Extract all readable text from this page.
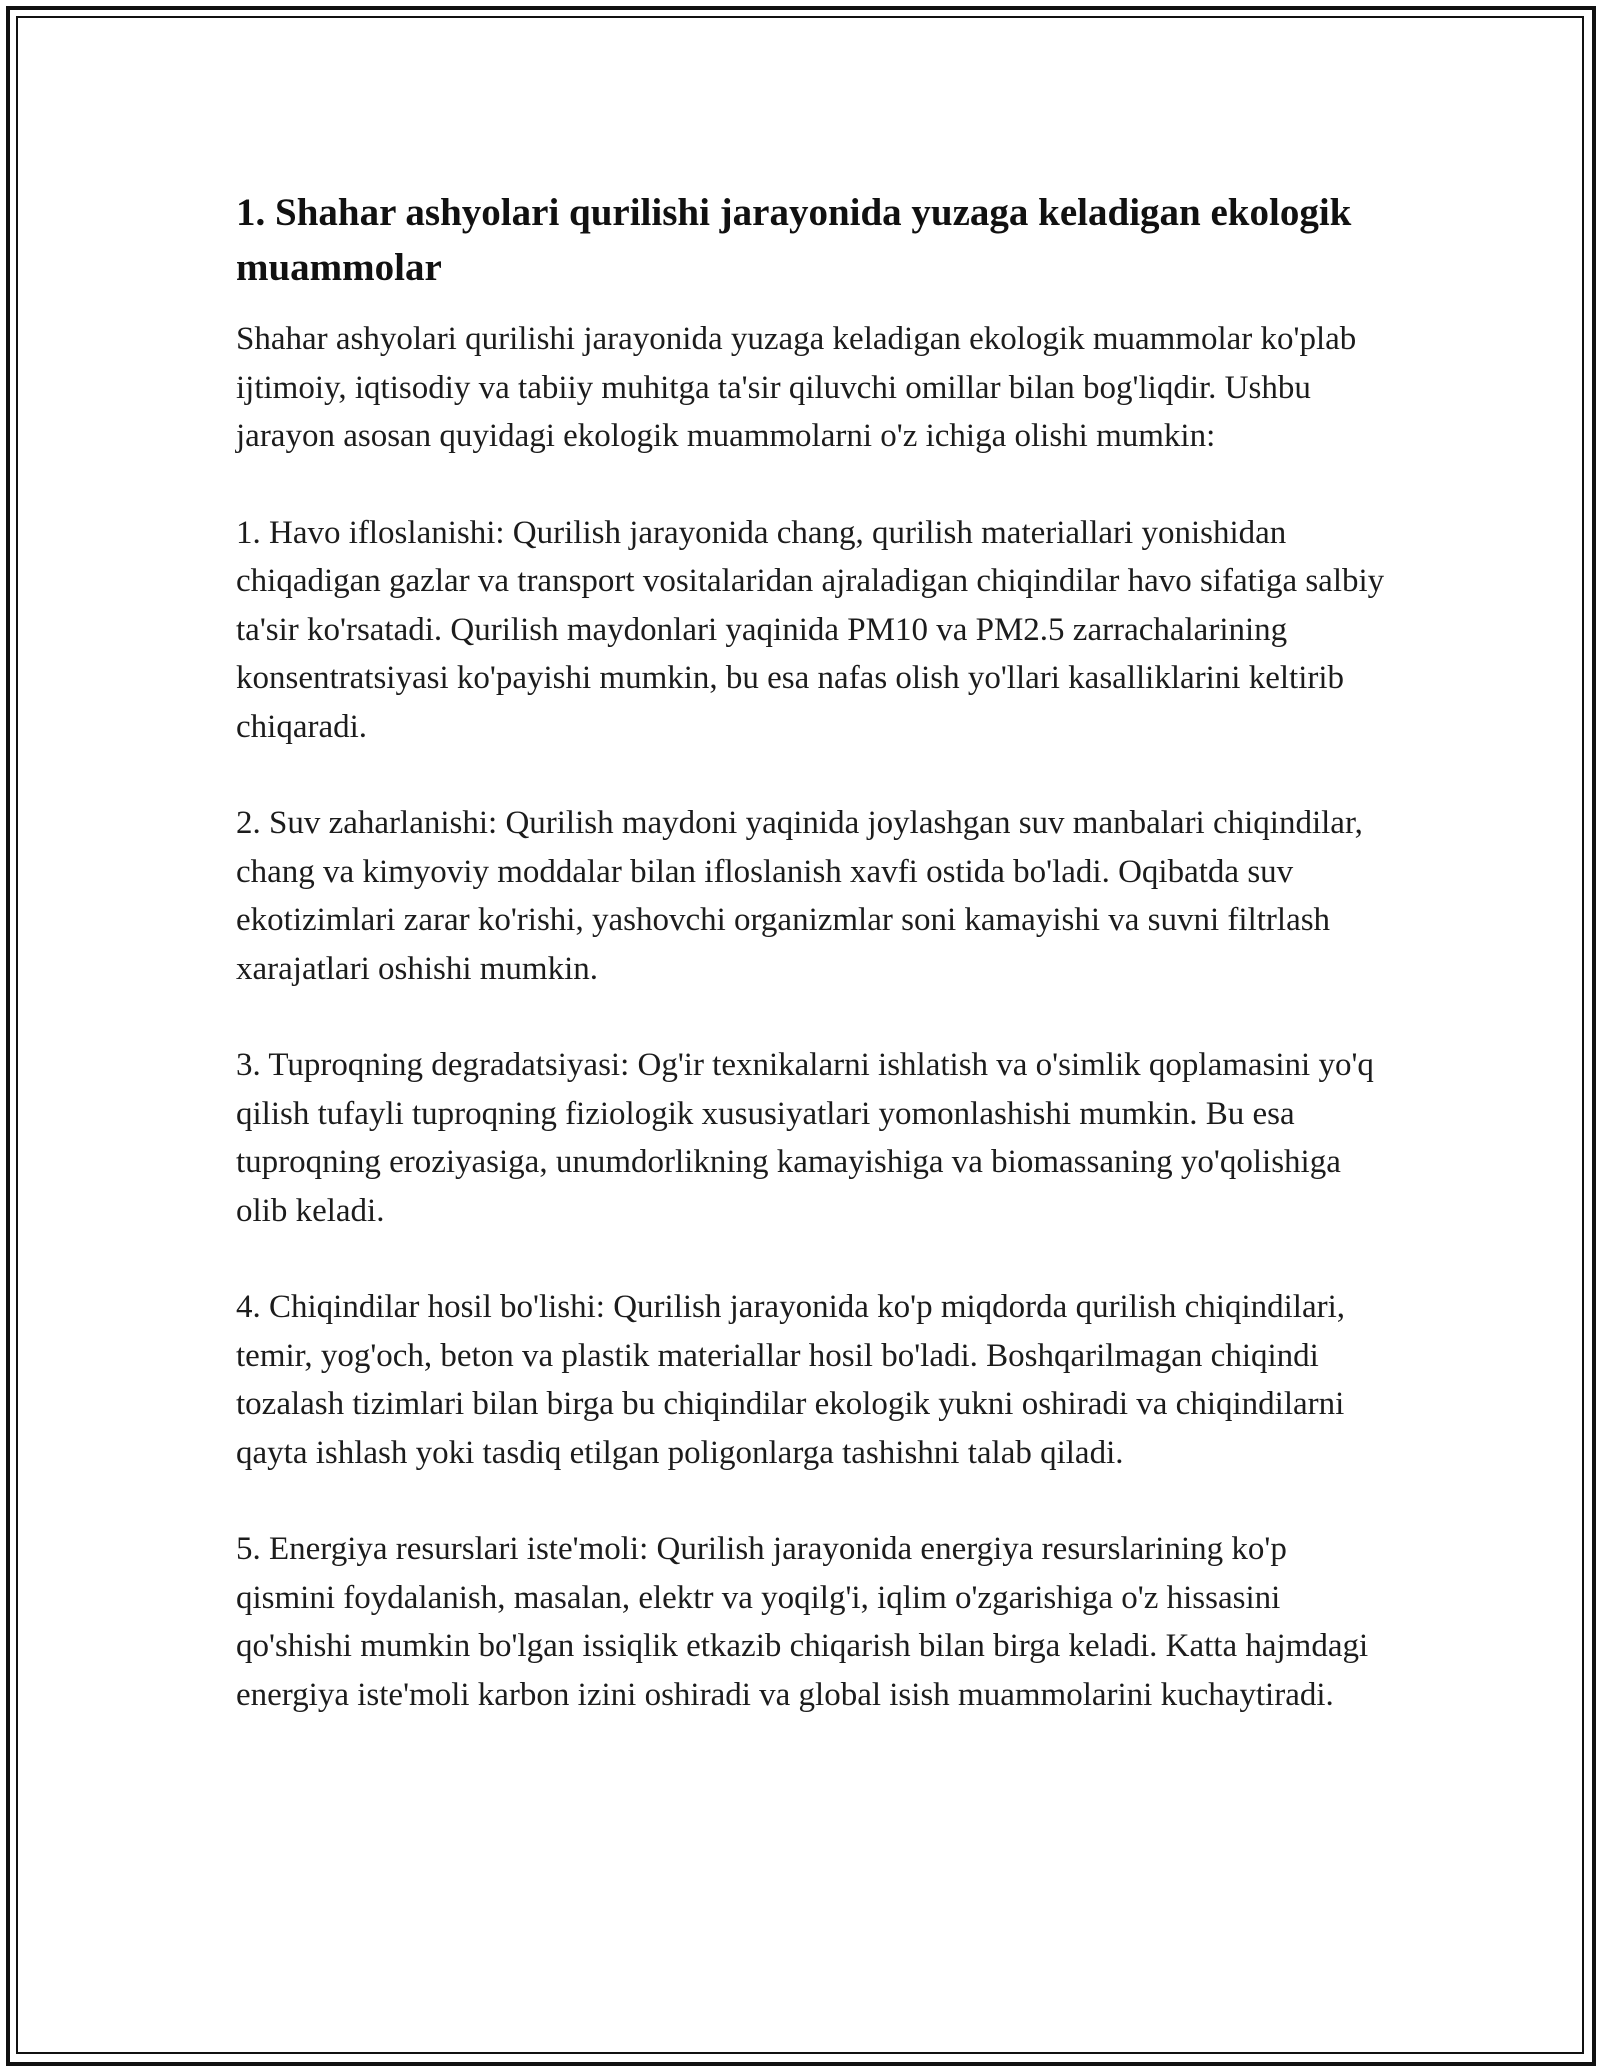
1. Shahar ashyolari qurilishi jarayonida yuzaga keladigan ekologik muammolar

Shahar ashyolari qurilishi jarayonida yuzaga keladigan ekologik muammolar ko'plab ijtimoiy, iqtisodiy va tabiiy muhitga ta'sir qiluvchi omillar bilan bog'liqdir. Ushbu jarayon asosan quyidagi ekologik muammolarni o'z ichiga olishi mumkin:

1. Havo ifloslanishi: Qurilish jarayonida chang, qurilish materiallari yonishidan chiqadigan gazlar va transport vositalaridan ajraladigan chiqindilar havo sifatiga salbiy ta'sir ko'rsatadi. Qurilish maydonlari yaqinida PM10 va PM2.5 zarrachalarining konsentratsiyasi ko'payishi mumkin, bu esa nafas olish yo'llari kasalliklarini keltirib chiqaradi.

2. Suv zaharlanishi: Qurilish maydoni yaqinida joylashgan suv manbalari chiqindilar, chang va kimyoviy moddalar bilan ifloslanish xavfi ostida bo'ladi. Oqibatda suv ekotizimlari zarar ko'rishi, yashovchi organizmlar soni kamayishi va suvni filtrlash xarajatlari oshishi mumkin.

3. Tuproqning degradatsiyasi: Og'ir texnikalarni ishlatish va o'simlik qoplamasini yo'q qilish tufayli tuproqning fiziologik xususiyatlari yomonlashishi mumkin. Bu esa tuproqning eroziyasiga, unumdorlikning kamayishiga va biomassaning yo'qolishiga olib keladi.

4. Chiqindilar hosil bo'lishi: Qurilish jarayonida ko'p miqdorda qurilish chiqindilari, temir, yog'och, beton va plastik materiallar hosil bo'ladi. Boshqarilmagan chiqindi tozalash tizimlari bilan birga bu chiqindilar ekologik yukni oshiradi va chiqindilarni qayta ishlash yoki tasdiq etilgan poligonlarga tashishni talab qiladi.

5. Energiya resurslari iste'moli: Qurilish jarayonida energiya resurslarining ko'p qismini foydalanish, masalan, elektr va yoqilg'i, iqlim o'zgarishiga o'z hissasini qo'shishi mumkin bo'lgan issiqlik etkazib chiqarish bilan birga keladi. Katta hajmdagi energiya iste'moli karbon izini oshiradi va global isish muammolarini kuchaytiradi.
